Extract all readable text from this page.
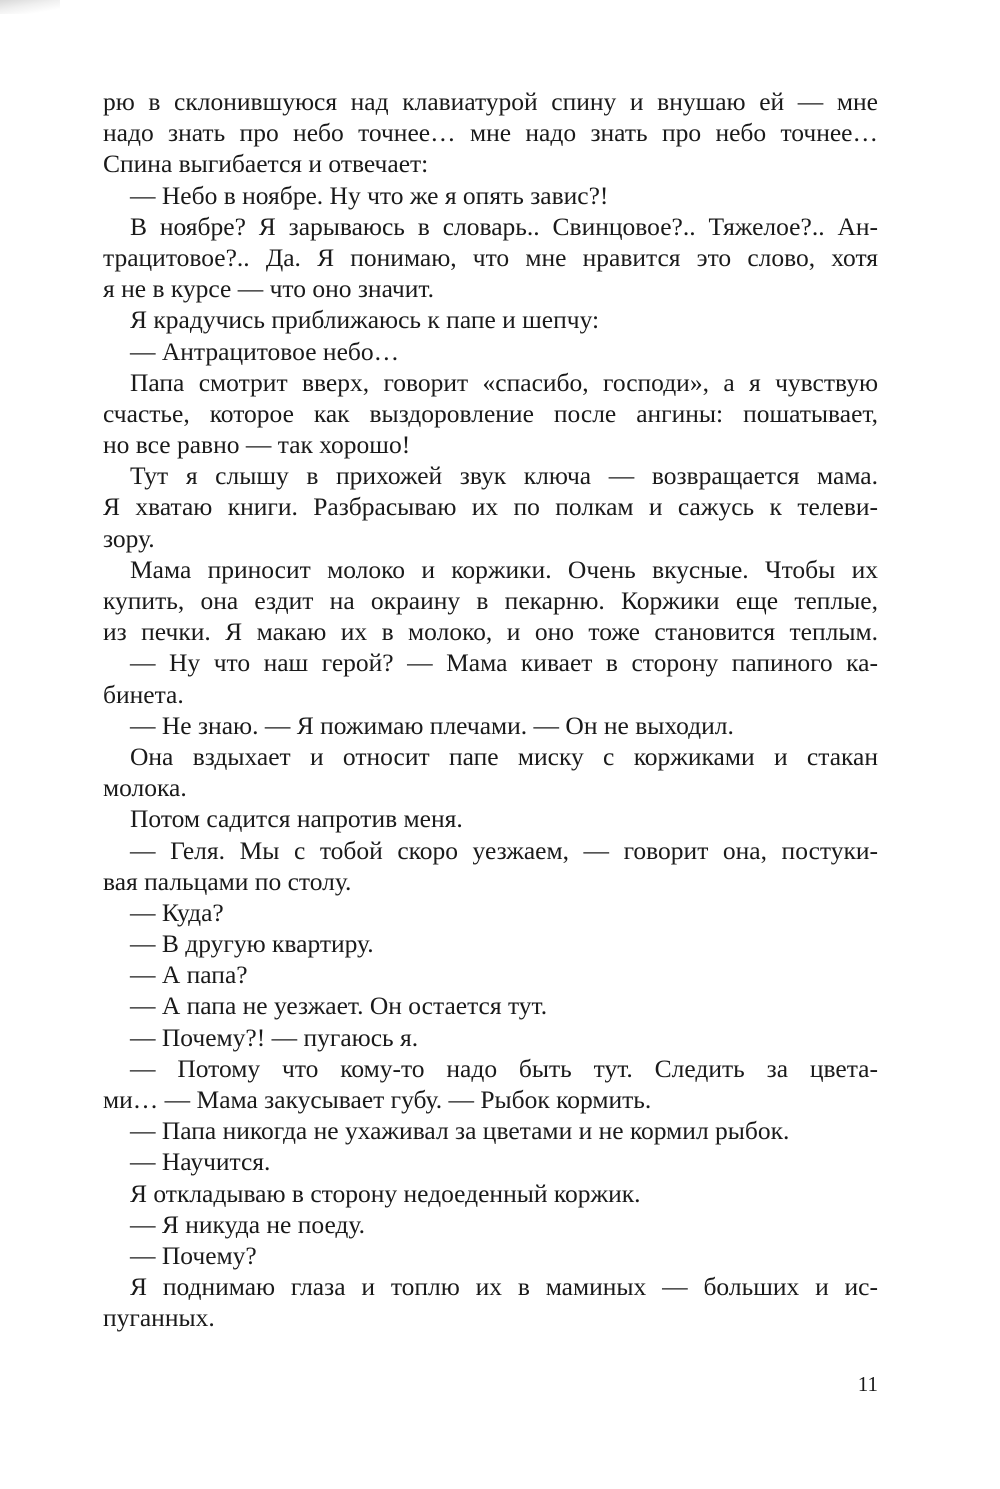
рю в склонившуюся над клавиатурой спину и внушаю ей — мне
надо знать про небо точнее… мне надо знать про небо точнее…
Спина выгибается и отвечает:
— Небо в ноябре. Ну что же я опять завис?!
В ноябре? Я зарываюсь в словарь.. Свинцовое?.. Тяжелое?.. Ан-
трацитовое?.. Да. Я понимаю, что мне нравится это слово, хотя
я не в курсе — что оно значит.
Я крадучись приближаюсь к папе и шепчу:
— Антрацитовое небо…
Папа смотрит вверх, говорит «спасибо, господи», а я чувствую
счастье, которое как выздоровление после ангины: пошатывает,
но все равно — так хорошо!
Тут я слышу в прихожей звук ключа — возвращается мама.
Я хватаю книги. Разбрасываю их по полкам и сажусь к телеви-
зору.
Мама приносит молоко и коржики. Очень вкусные. Чтобы их
купить, она ездит на окраину в пекарню. Коржики еще теплые,
из печки. Я макаю их в молоко, и оно тоже становится теплым.
— Ну что наш герой? — Мама кивает в сторону папиного ка-
бинета.
— Не знаю. — Я пожимаю плечами. — Он не выходил.
Она вздыхает и относит папе миску с коржиками и стакан
молока.
Потом садится напротив меня.
— Геля. Мы с тобой скоро уезжаем, — говорит она, постуки-
вая пальцами по столу.
— Куда?
— В другую квартиру.
— А папа?
— А папа не уезжает. Он остается тут.
— Почему?! — пугаюсь я.
— Потому что кому-то надо быть тут. Следить за цвета-
ми… — Мама закусывает губу. — Рыбок кормить.
— Папа никогда не ухаживал за цветами и не кормил рыбок.
— Научится.
Я откладываю в сторону недоеденный коржик.
— Я никуда не поеду.
— Почему?
Я поднимаю глаза и топлю их в маминых — больших и ис-
пуганных.
11
